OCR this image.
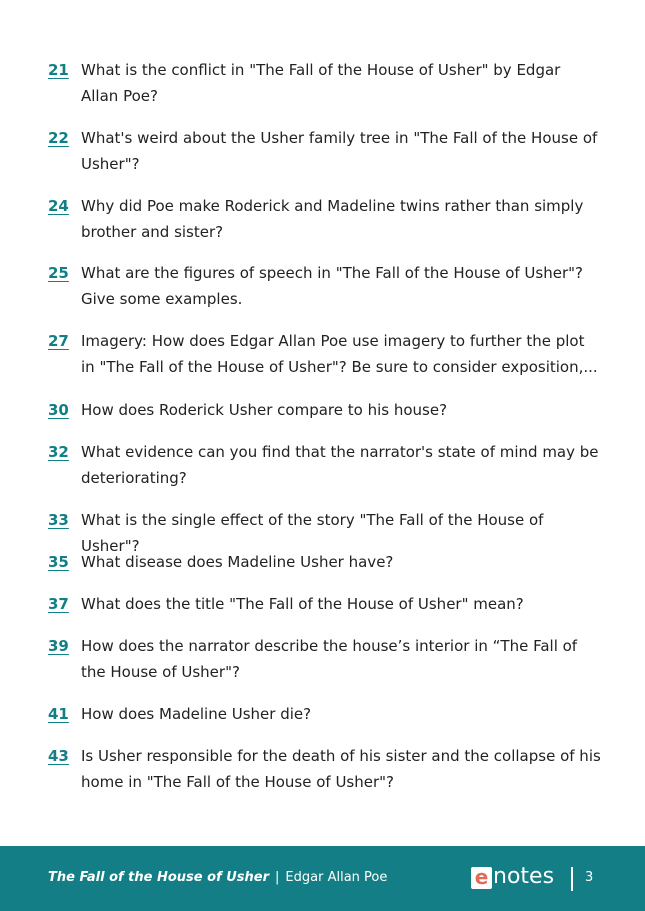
21 What is the conflict in "The Fall of the House of Usher" by Edgar Allan Poe?
22 What's weird about the Usher family tree in "The Fall of the House of Usher"?
24 Why did Poe make Roderick and Madeline twins rather than simply brother and sister?
25 What are the figures of speech in "The Fall of the House of Usher"? Give some examples.
27 Imagery: How does Edgar Allan Poe use imagery to further the plot in "The Fall of the House of Usher"? Be sure to consider exposition,...
30 How does Roderick Usher compare to his house?
32 What evidence can you find that the narrator's state of mind may be deteriorating?
33 What is the single effect of the story "The Fall of the House of Usher"?
35 What disease does Madeline Usher have?
37 What does the title "The Fall of the House of Usher" mean?
39 How does the narrator describe the house’s interior in “The Fall of the House of Usher"?
41 How does Madeline Usher die?
43 Is Usher responsible for the death of his sister and the collapse of his home in "The Fall of the House of Usher"?
The Fall of the House of Usher | Edgar Allan Poe	e notes 3
